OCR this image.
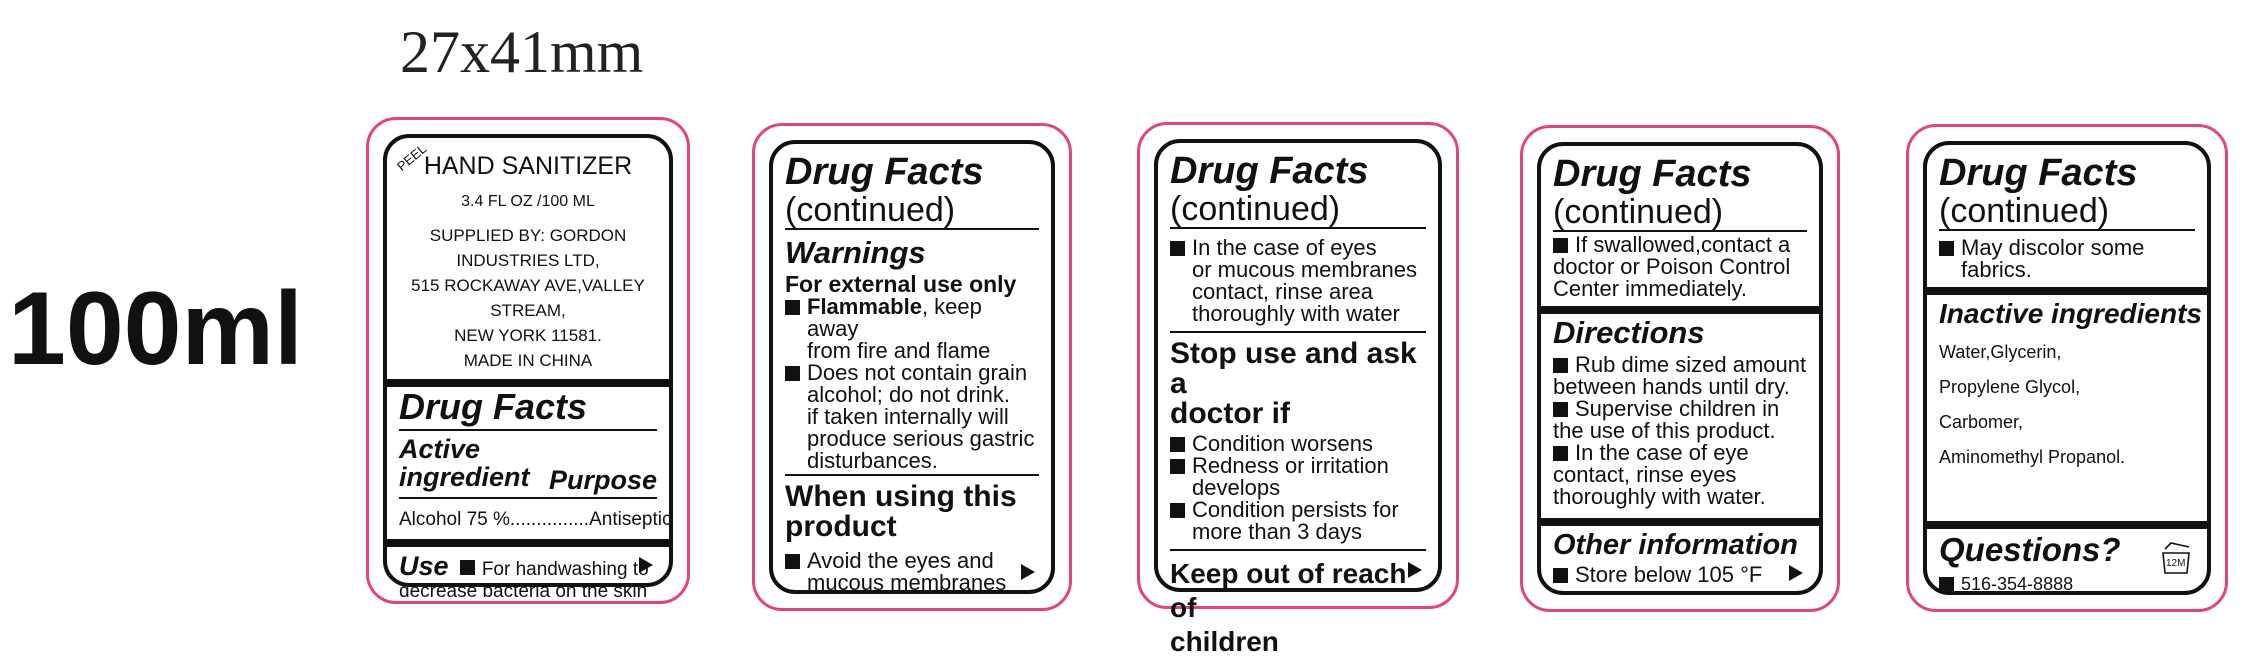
27x41mm
100ml
PEEL
HAND SANITIZER
3.4 FL OZ /100 ML
SUPPLIED BY: GORDON INDUSTRIES LTD,
515 ROCKAWAY AVE,VALLEY STREAM,
NEW YORK 11581.
MADE IN CHINA
Drug Facts
Active
ingredient Purpose
Alcohol 75 % ............... Antiseptic
Use For handwashing to
decrease bacteria on the skin
Drug Facts
(continued)
Warnings
For external use only
Flammable, keep away
from fire and flame
Does not contain grain
alcohol; do not drink.
if taken internally will
produce serious gastric
disturbances.
When using this
product
Avoid the eyes and
mucous membranes
Drug Facts
(continued)
In the case of eyes
or mucous membranes
contact, rinse area
thoroughly with water
Stop use and ask a
doctor if
Condition worsens
Redness or irritation
develops
Condition persists for
more than 3 days
Keep out of reach of
children
Drug Facts
(continued)
If swallowed,contact a
doctor or Poison Control
Center immediately.
Directions
Rub dime sized amount
between hands until dry.
Supervise children in
the use of this product.
In the case of eye
contact, rinse eyes
thoroughly with water.
Other information
Store below 105 °F
Drug Facts
(continued)
May discolor some fabrics.
Inactive ingredients
Water,Glycerin,
Propylene Glycol,
Carbomer,
Aminomethyl Propanol.
Questions?
516-354-8888
12M
